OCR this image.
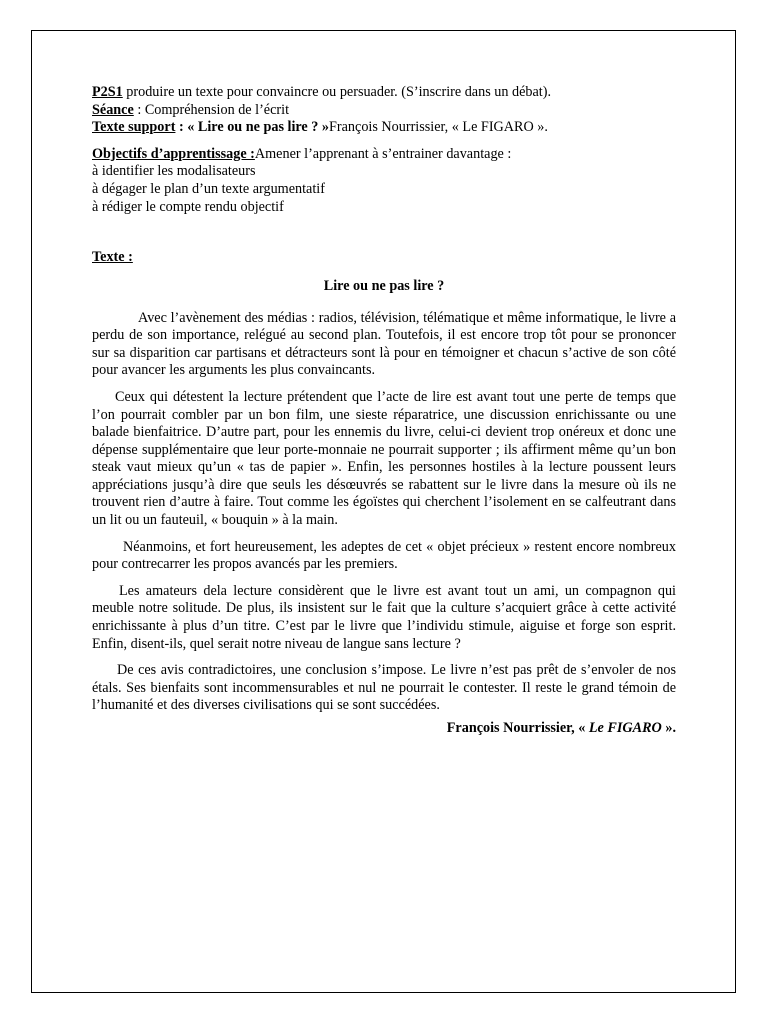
P2S1 produire un texte pour convaincre ou persuader. (S’inscrire dans un débat).

Séance : Compréhension de l’écrit

Texte support : « Lire ou ne pas lire ? »François Nourrissier, « Le FIGARO ».

Objectifs d’apprentissage :Amener l’apprenant à s’entrainer davantage :

à identifier les modalisateurs

à dégager le plan d’un texte argumentatif

à rédiger le compte rendu objectif

Texte :

Lire ou ne pas lire ?

Avec l’avènement des médias : radios, télévision, télématique et même informatique, le livre a perdu de son importance, relégué au second plan. Toutefois, il est encore trop tôt pour se prononcer sur sa disparition car partisans et détracteurs sont là pour en témoigner et chacun s’active de son côté pour avancer les arguments les plus convaincants.

Ceux qui détestent la lecture prétendent que l’acte de lire est avant tout une perte de temps que l’on pourrait combler par un bon film, une sieste réparatrice, une discussion enrichissante ou une balade bienfaitrice. D’autre part, pour les ennemis du livre, celui-ci devient trop onéreux et donc une dépense supplémentaire que leur porte-monnaie ne pourrait supporter ; ils affirment même qu’un bon steak vaut mieux qu’un « tas de papier ». Enfin, les personnes hostiles à la lecture poussent leurs appréciations jusqu’à dire que seuls les désœuvrés se rabattent sur le livre dans la mesure où ils ne trouvent rien d’autre à faire. Tout comme les égoïstes qui cherchent l’isolement en se calfeutrant dans un lit ou un fauteuil, « bouquin » à la main.

Néanmoins, et fort heureusement, les adeptes de cet « objet précieux » restent encore nombreux pour contrecarrer les propos avancés par les premiers.

Les amateurs dela lecture considèrent que le livre est avant tout un ami, un compagnon qui meuble notre solitude. De plus, ils insistent sur le fait que la culture s’acquiert grâce à cette activité enrichissante à plus d’un titre. C’est par le livre que l’individu stimule, aiguise et forge son esprit. Enfin, disent-ils, quel serait notre niveau de langue sans lecture ?

De ces avis contradictoires, une conclusion s’impose. Le livre n’est pas prêt de s’envoler de nos étals. Ses bienfaits sont incommensurables et nul ne pourrait le contester. Il reste le grand témoin de l’humanité et des diverses civilisations qui se sont succédées.

François Nourrissier, « Le FIGARO ».
